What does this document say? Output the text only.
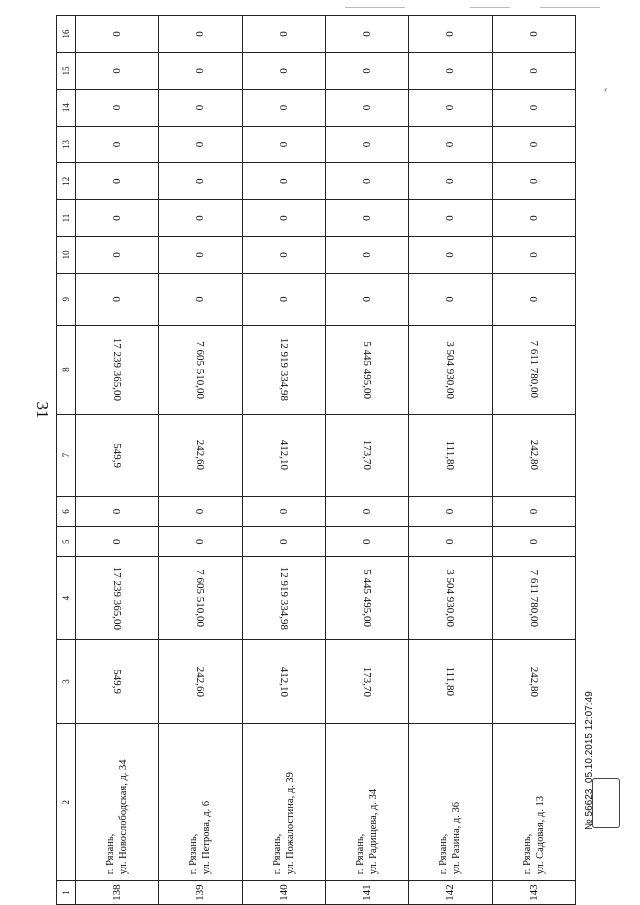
31
‹
1	2	3	4	5	6	7	8	9	10	11	12	13	14	15	16
138	г. Рязань, ул. Новослободская, д. 34	549,9	17 239 365,00	0	0	549,9	17 239 365,00	0	0	0	0	0	0	0	0
139	г. Рязань, ул. Петрова, д. 6	242,60	7 605 510,00	0	0	242,60	7 605 510,00	0	0	0	0	0	0	0	0
140	г. Рязань, ул. Пожалостина, д. 39	412,10	12 919 334,98	0	0	412,10	12 919 334,98	0	0	0	0	0	0	0	0
141	г. Рязань, ул. Радищева, д. 34	173,70	5 445 495,00	0	0	173,70	5 445 495,00	0	0	0	0	0	0	0	0
142	г. Рязань, ул. Разина, д. 36	111,80	3 504 930,00	0	0	111,80	3 504 930,00	0	0	0	0	0	0	0	0
143	г. Рязань, ул. Садовая, д. 13	242,80	7 611 780,00	0	0	242,80	7 611 780,00	0	0	0	0	0	0	0	0
№ 56623  05.10.2015 12:07:49
